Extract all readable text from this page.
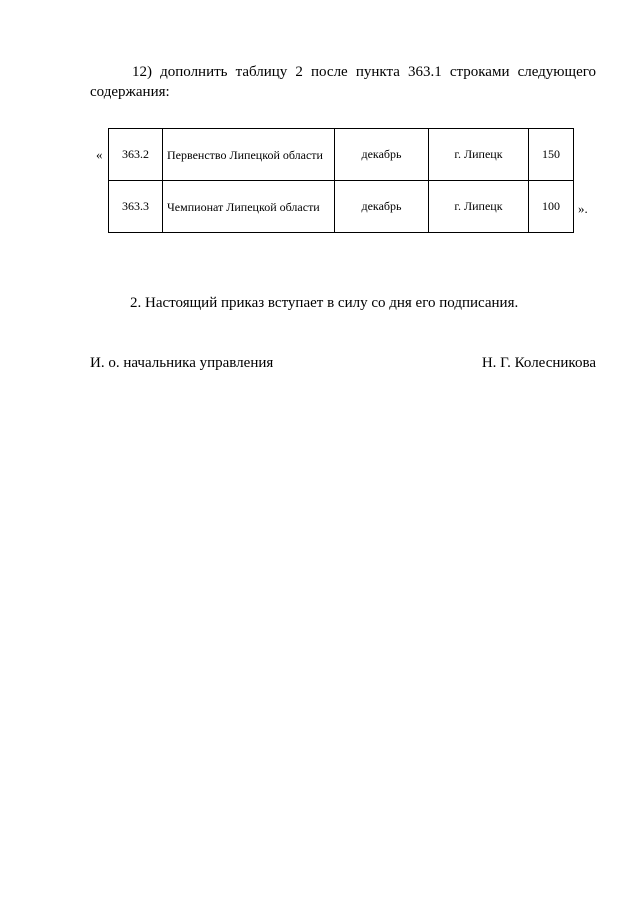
12) дополнить таблицу 2 после пункта 363.1 строками следующего содержания:
« 363.2	Первенство Липецкой области	декабрь	г. Липецк	150
363.3	Чемпионат Липецкой области	декабрь	г. Липецк	100 ».
2. Настоящий приказ вступает в силу со дня его подписания.
И. о. начальника управления	Н. Г. Колесникова
